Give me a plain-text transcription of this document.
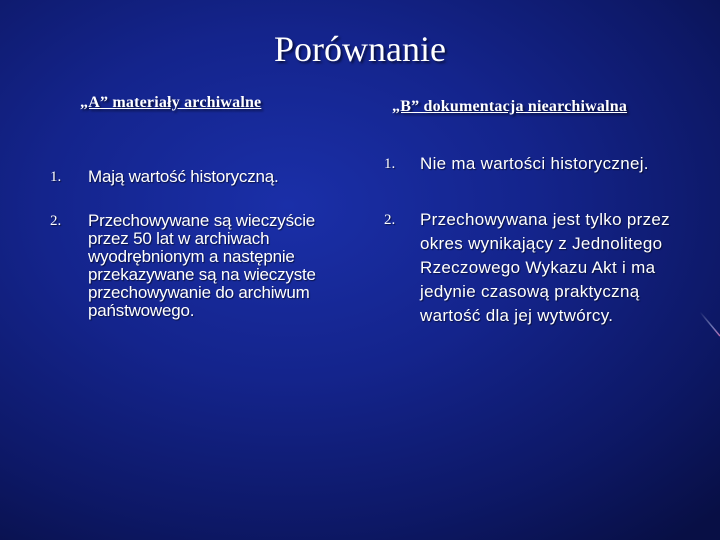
Porównanie
„A” materiały archiwalne	„B” dokumentacja niearchiwalna
1. Mają wartość historyczną.
2. Przechowywane są wieczyście przez 50 lat w archiwach wyodrębnionym a następnie przekazywane są na wieczyste przechowywanie do archiwum państwowego.
1. Nie ma wartości historycznej.
2. Przechowywana jest tylko przez okres wynikający z Jednolitego Rzeczowego Wykazu Akt i ma jedynie czasową praktyczną wartość dla jej wytwórcy.
